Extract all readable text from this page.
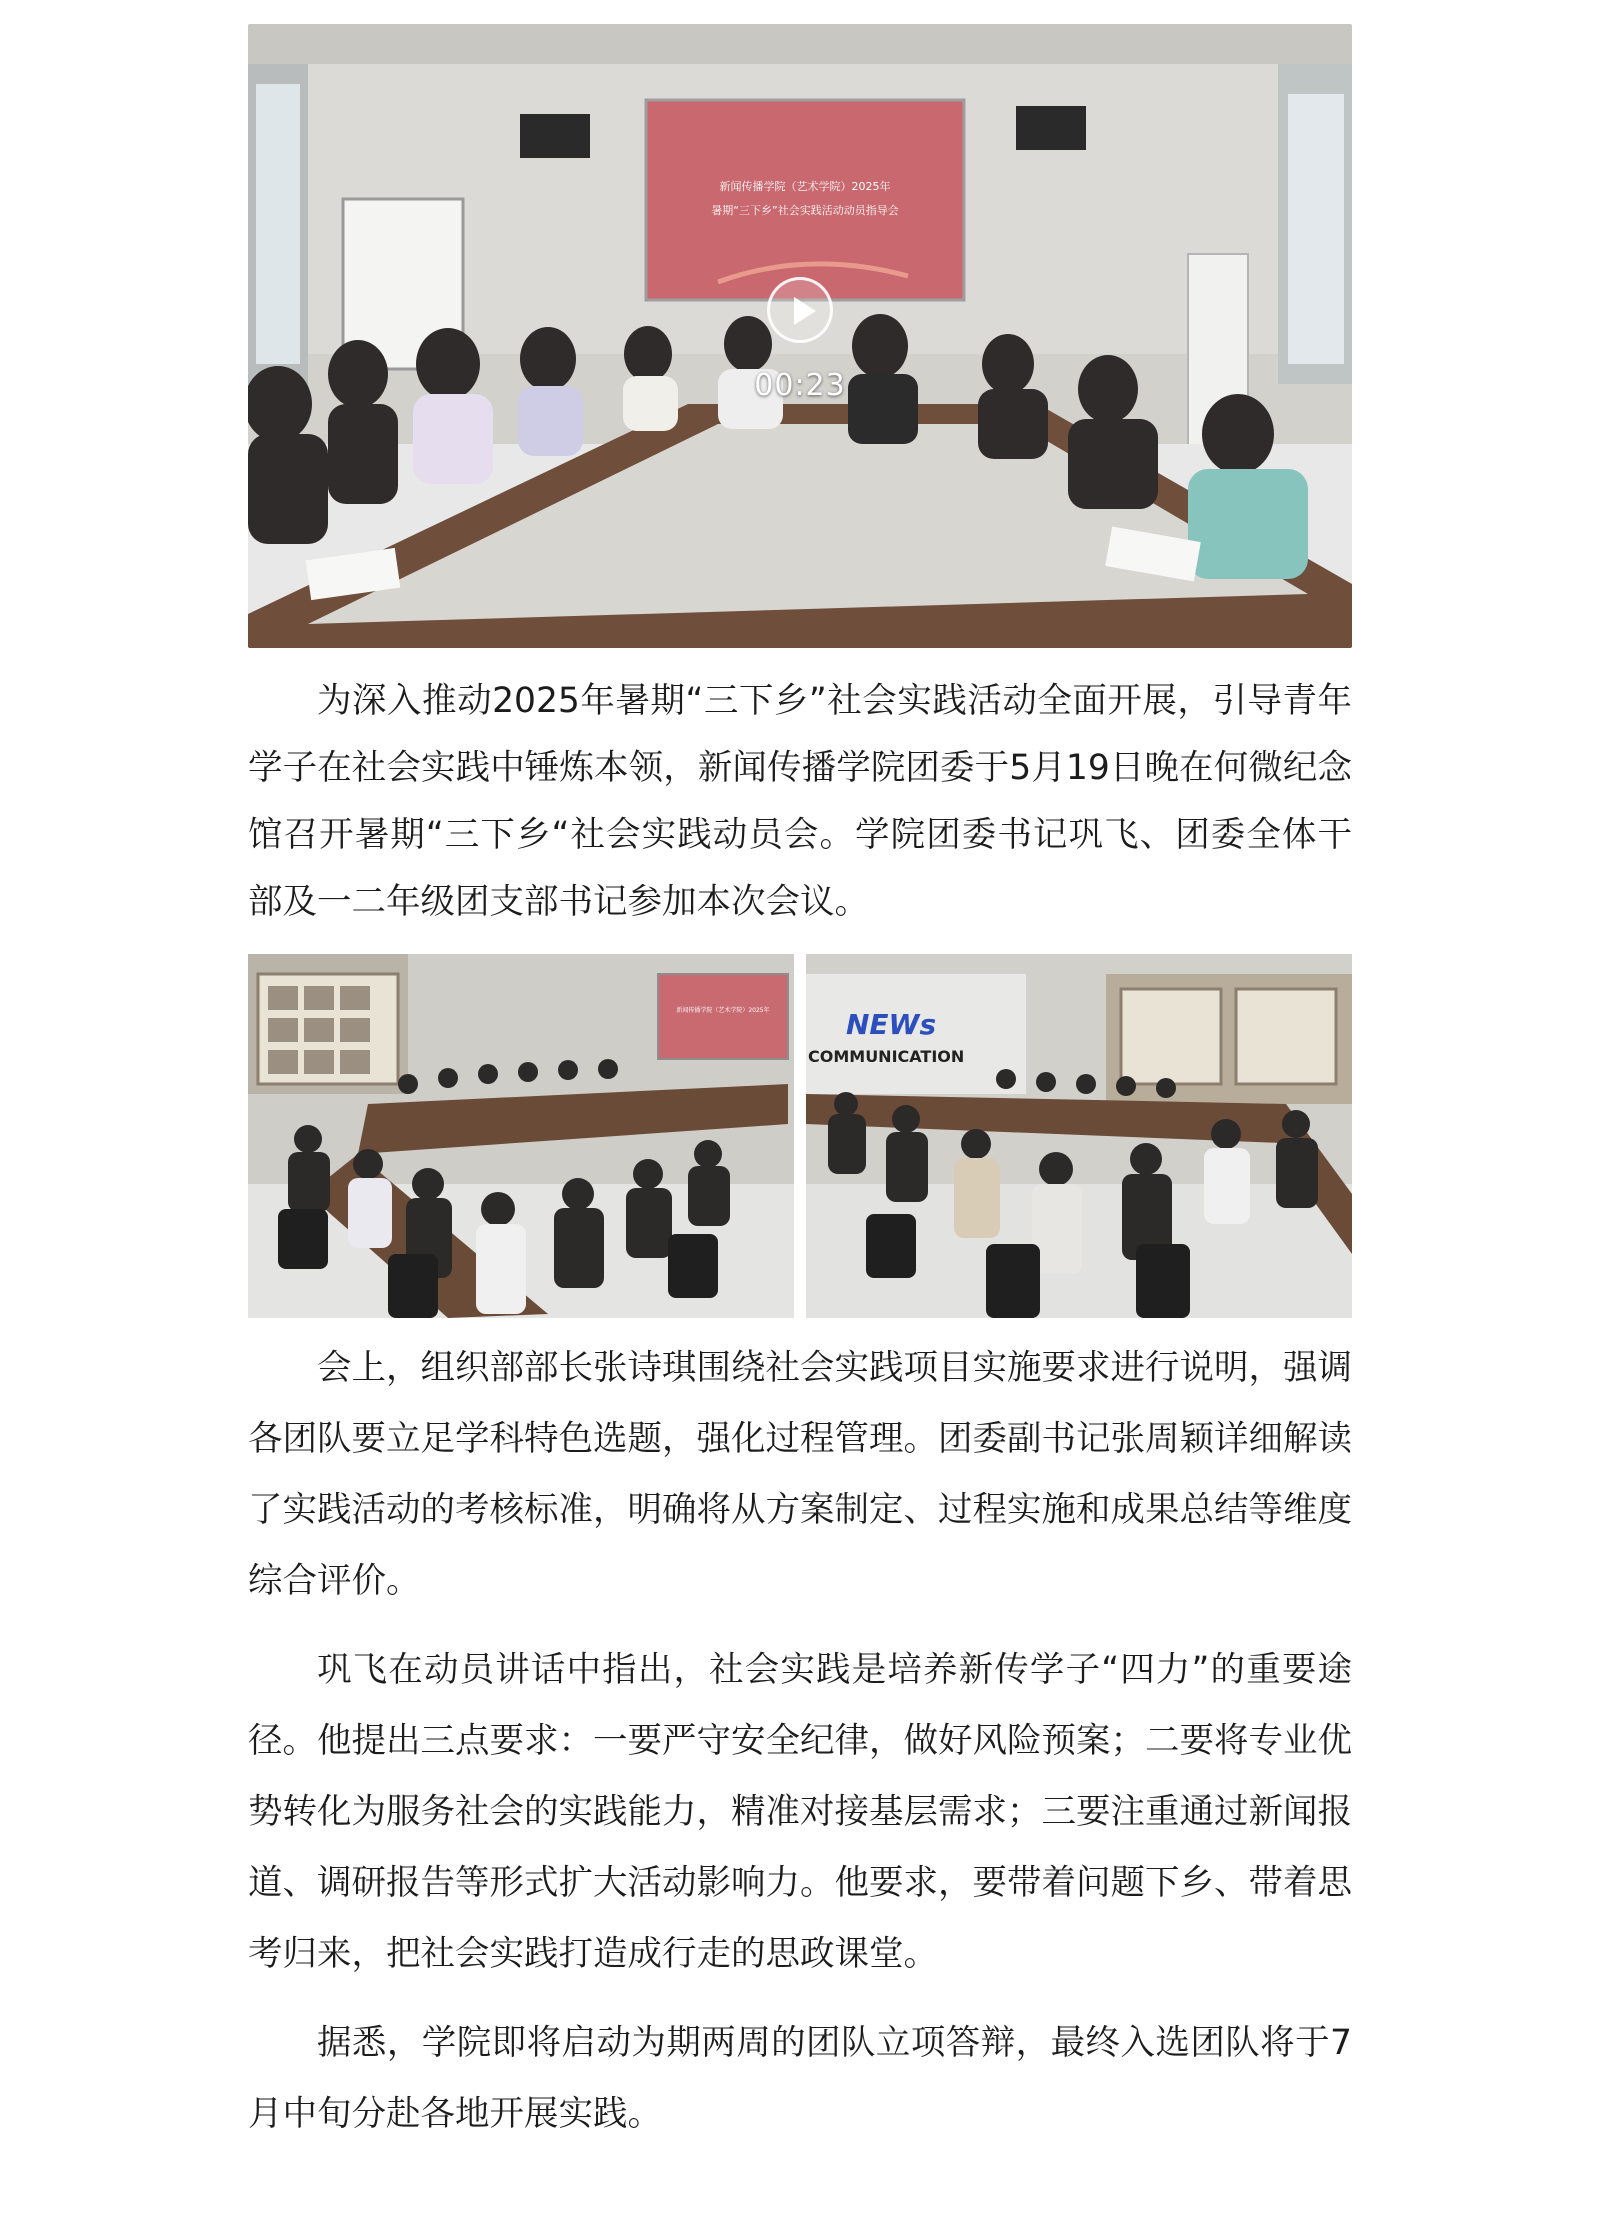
新闻传播学院（艺术学院）2025年
暑期“三下乡”社会实践活动动员指导会
00:23

为深入推动2025年暑期“三下乡”社会实践活动全面开展，引导青年学子在社会实践中锤炼本领，新闻传播学院团委于5月19日晚在何微纪念馆召开暑期“三下乡“社会实践动员会。学院团委书记巩飞、团委全体干部及一二年级团支部书记参加本次会议。

新闻传播学院（艺术学院）2025年	NEWs
COMMUNICATION

会上，组织部部长张诗琪围绕社会实践项目实施要求进行说明，强调各团队要立足学科特色选题，强化过程管理。团委副书记张周颖详细解读了实践活动的考核标准，明确将从方案制定、过程实施和成果总结等维度综合评价。

巩飞在动员讲话中指出，社会实践是培养新传学子“四力”的重要途径。他提出三点要求：一要严守安全纪律，做好风险预案；二要将专业优势转化为服务社会的实践能力，精准对接基层需求；三要注重通过新闻报道、调研报告等形式扩大活动影响力。他要求，要带着问题下乡、带着思考归来，把社会实践打造成行走的思政课堂。

据悉，学院即将启动为期两周的团队立项答辩，最终入选团队将于7月中旬分赴各地开展实践。
